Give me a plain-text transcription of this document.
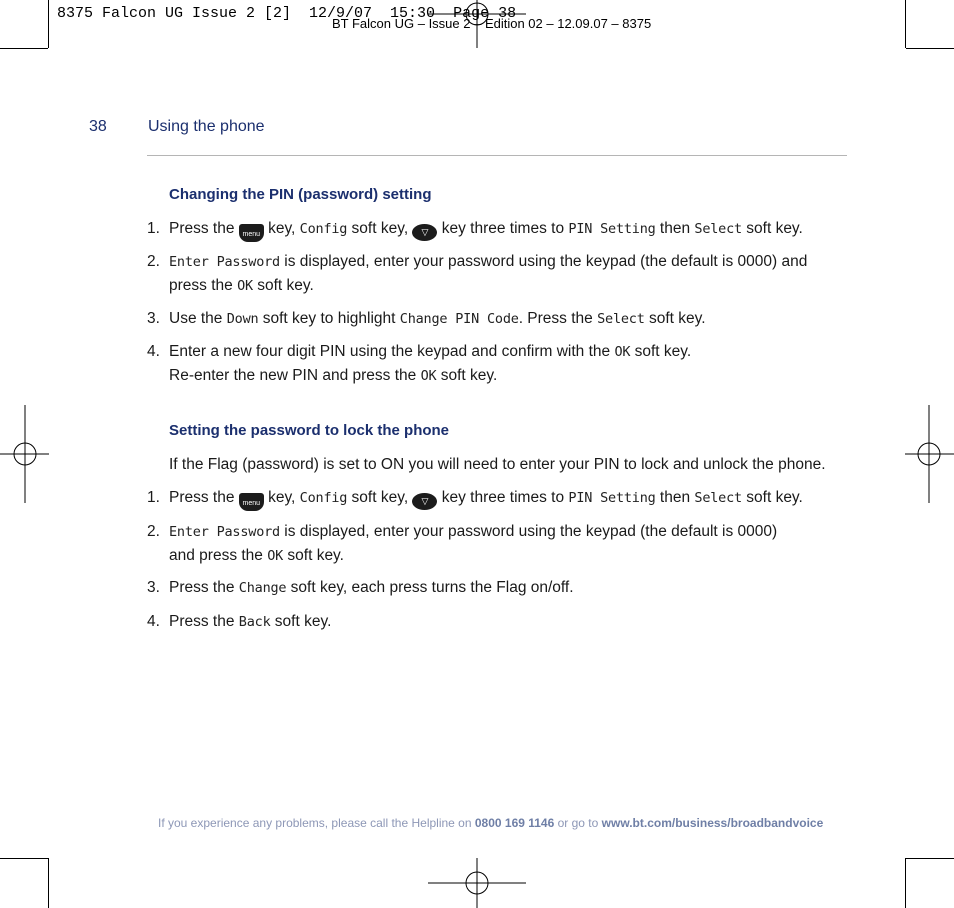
8375 Falcon UG Issue 2 [2]  12/9/07  15:30  Page 38
BT Falcon UG – Issue 2 – Edition 02 – 12.09.07 – 8375
38	Using the phone
Changing the PIN (password) setting
1. Press the menu key, Config soft key, ▽ key three times to PIN Setting then Select soft key.
2. Enter Password is displayed, enter your password using the keypad (the default is 0000) and press the OK soft key.
3. Use the Down soft key to highlight Change PIN Code. Press the Select soft key.
4. Enter a new four digit PIN using the keypad and confirm with the OK soft key.
Re-enter the new PIN and press the OK soft key.
Setting the password to lock the phone
If the Flag (password) is set to ON you will need to enter your PIN to lock and unlock the phone.
1. Press the menu key, Config soft key, ▽ key three times to PIN Setting then Select soft key.
2. Enter Password is displayed, enter your password using the keypad (the default is 0000)
and press the OK soft key.
3. Press the Change soft key, each press turns the Flag on/off.
4. Press the Back soft key.
If you experience any problems, please call the Helpline on 0800 169 1146 or go to www.bt.com/business/broadbandvoice
